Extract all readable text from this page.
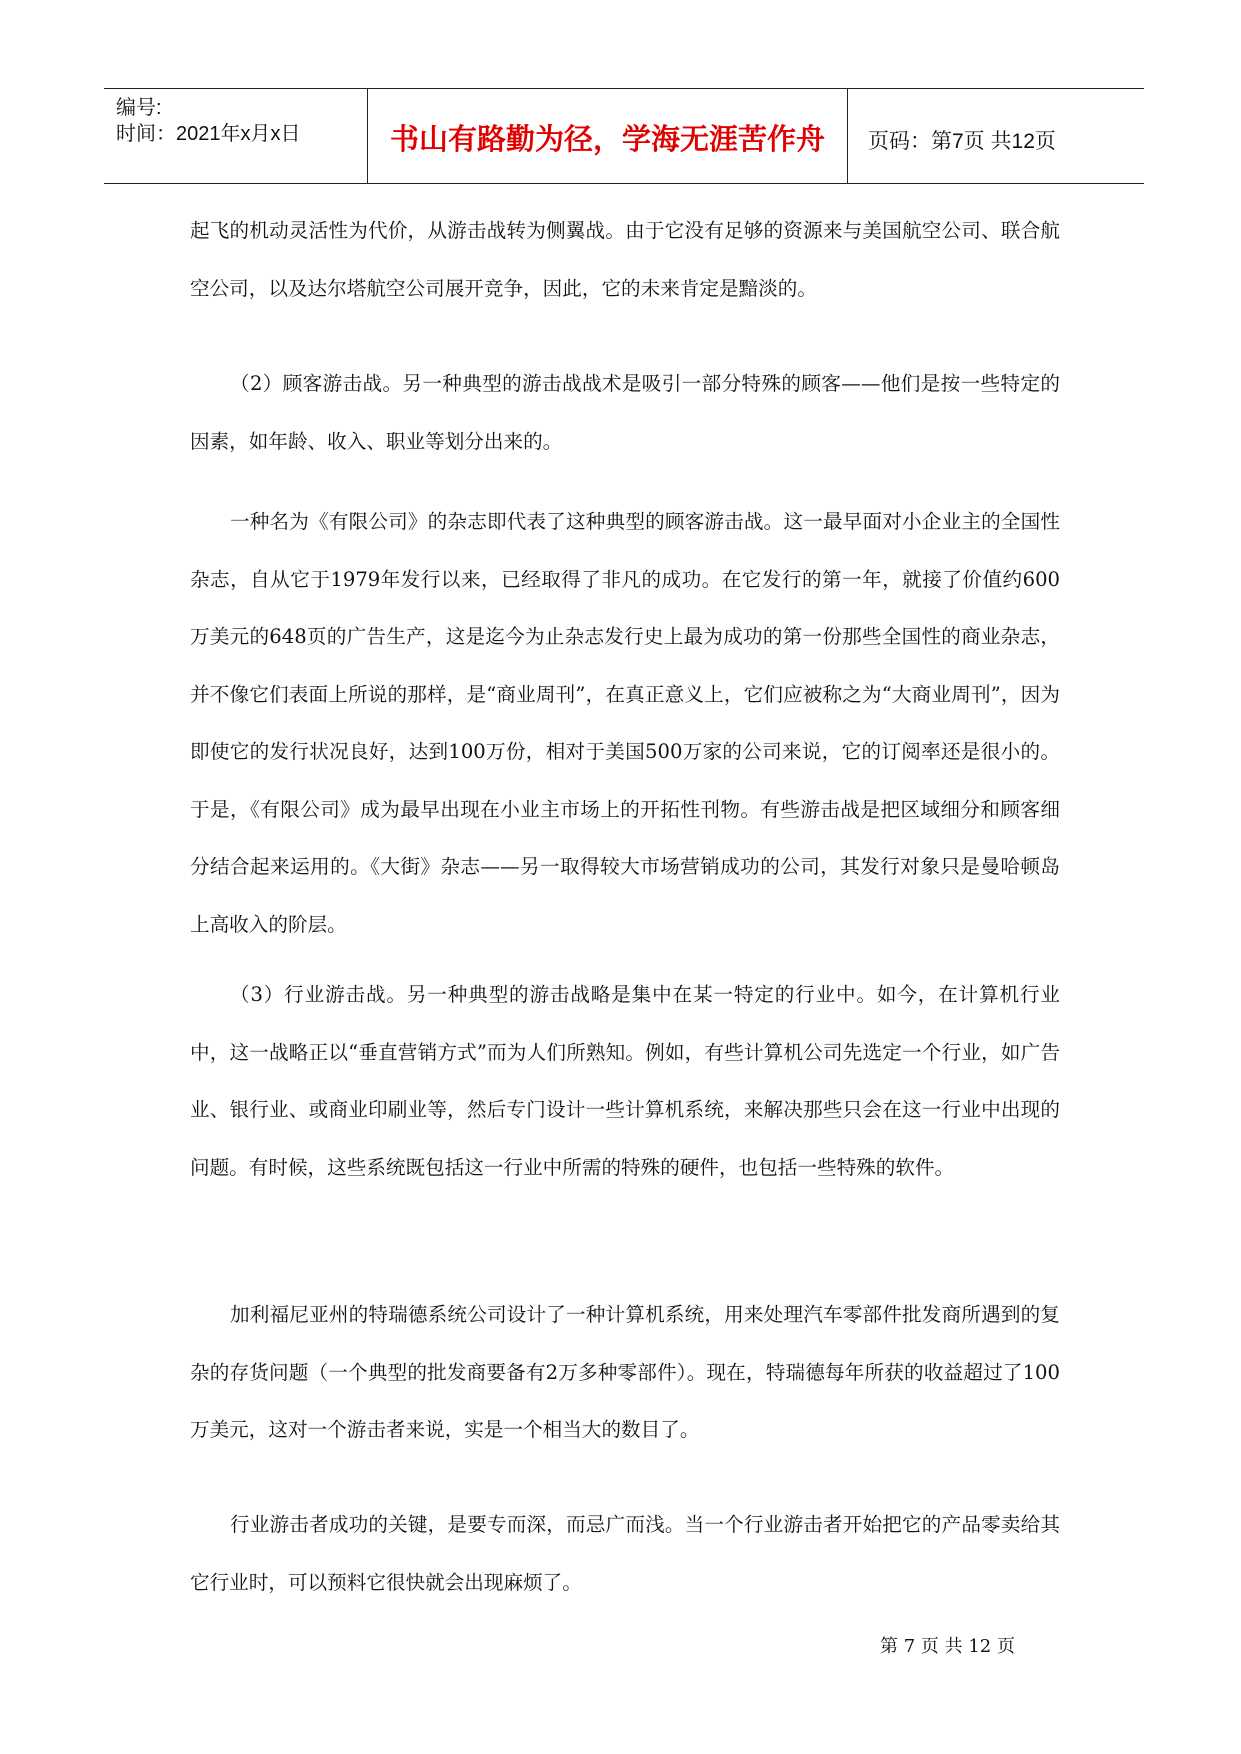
编号:
时间：2021年x月x日	书山有路勤为径，学海无涯苦作舟	页码：第7页 共12页

起飞的机动灵活性为代价，从游击战转为侧翼战。由于它没有足够的资源来与美国航空公司、联合航空公司，以及达尔塔航空公司展开竞争，因此，它的未来肯定是黯淡的。

（2）顾客游击战。另一种典型的游击战战术是吸引一部分特殊的顾客——他们是按一些特定的因素，如年龄、收入、职业等划分出来的。

一种名为《有限公司》的杂志即代表了这种典型的顾客游击战。这一最早面对小企业主的全国性杂志，自从它于1979年发行以来，已经取得了非凡的成功。在它发行的第一年，就接了价值约600万美元的648页的广告生产，这是迄今为止杂志发行史上最为成功的第一份那些全国性的商业杂志，并不像它们表面上所说的那样，是“商业周刊”，在真正意义上，它们应被称之为“大商业周刊”，因为即使它的发行状况良好，达到100万份，相对于美国500万家的公司来说，它的订阅率还是很小的。于是，《有限公司》成为最早出现在小业主市场上的开拓性刊物。有些游击战是把区域细分和顾客细分结合起来运用的。《大街》杂志——另一取得较大市场营销成功的公司，其发行对象只是曼哈顿岛上高收入的阶层。

（3）行业游击战。另一种典型的游击战略是集中在某一特定的行业中。如今，在计算机行业中，这一战略正以“垂直营销方式”而为人们所熟知。例如，有些计算机公司先选定一个行业，如广告业、银行业、或商业印刷业等，然后专门设计一些计算机系统，来解决那些只会在这一行业中出现的问题。有时候，这些系统既包括这一行业中所需的特殊的硬件，也包括一些特殊的软件。

加利福尼亚州的特瑞德系统公司设计了一种计算机系统，用来处理汽车零部件批发商所遇到的复杂的存货问题（一个典型的批发商要备有2万多种零部件）。现在，特瑞德每年所获的收益超过了100万美元，这对一个游击者来说，实是一个相当大的数目了。

行业游击者成功的关键，是要专而深，而忌广而浅。当一个行业游击者开始把它的产品零卖给其它行业时，可以预料它很快就会出现麻烦了。

第 7 页 共 12 页
